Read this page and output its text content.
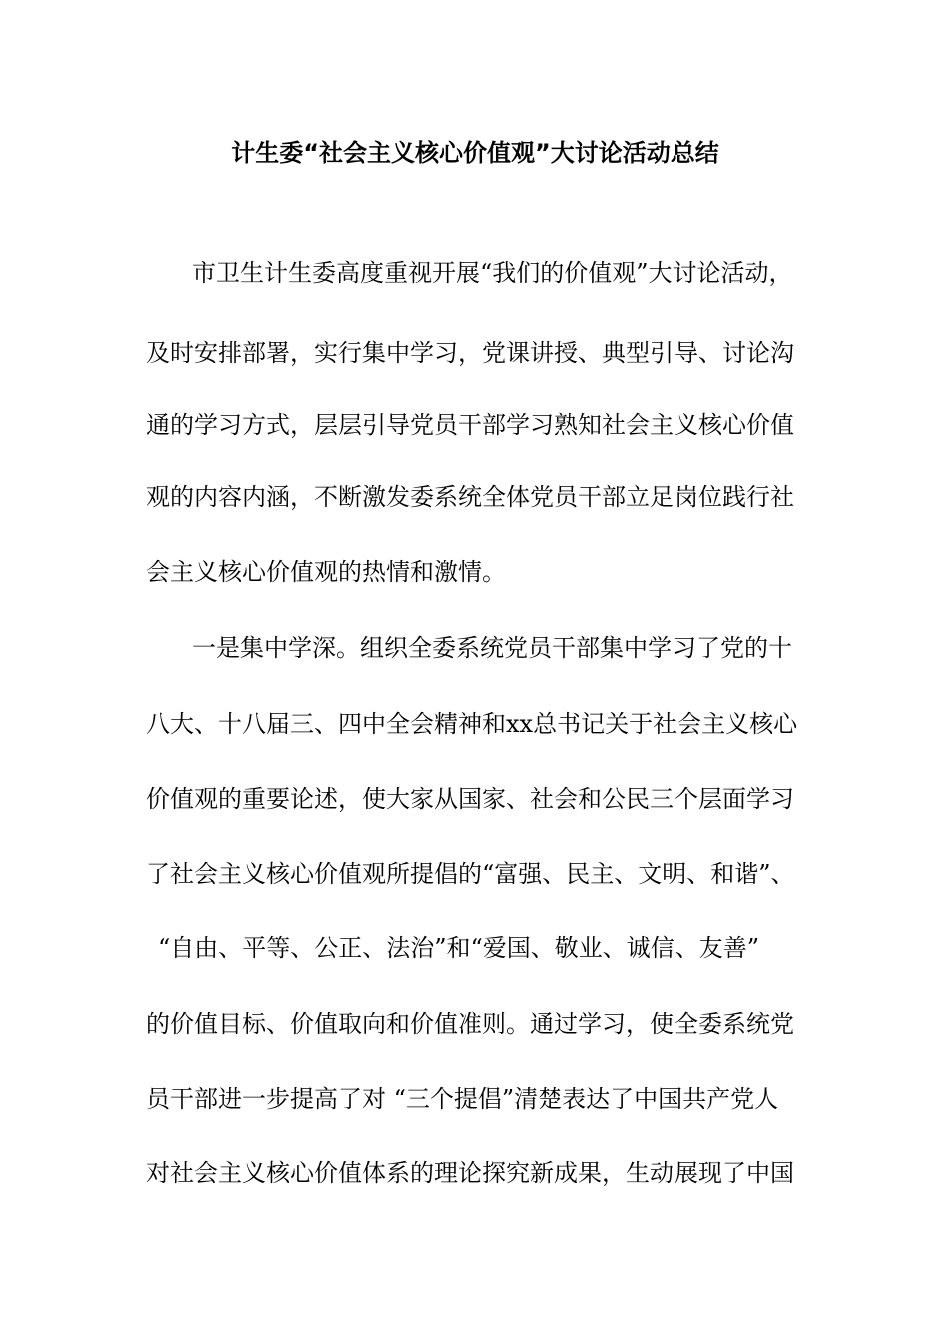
计生委“社会主义核心价值观”大讨论活动总结
市卫生计生委高度重视开展“我们的价值观”大讨论活动，
及时安排部署，实行集中学习，党课讲授、典型引导、讨论沟
通的学习方式，层层引导党员干部学习熟知社会主义核心价值
观的内容内涵，不断激发委系统全体党员干部立足岗位践行社
会主义核心价值观的热情和激情。
一是集中学深。组织全委系统党员干部集中学习了党的十
八大、十八届三、四中全会精神和xx总书记关于社会主义核心
价值观的重要论述，使大家从国家、社会和公民三个层面学习
了社会主义核心价值观所提倡的“富强、民主、文明、和谐”、
“自由、平等、公正、法治”和“爱国、敬业、诚信、友善”
的价值目标、价值取向和价值准则。通过学习，使全委系统党
员干部进一步提高了对 “三个提倡”清楚表达了中国共产党人
对社会主义核心价值体系的理论探究新成果，生动展现了中国
